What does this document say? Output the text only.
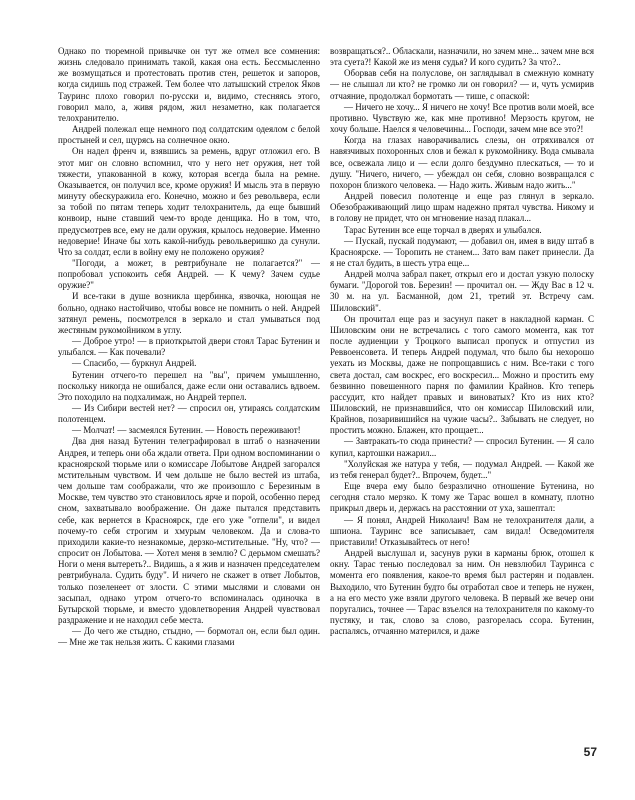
Однако по тюремной привычке он тут же отмел все сомнения: жизнь следовало принимать такой, какая она есть. Бессмысленно же возмущаться и протестовать против стен, решеток и запоров, когда сидишь под стражей. Тем более что латышский стрелок Яков Тауринс плохо говорил по-русски и, видимо, стесняясь этого, говорил мало, а, живя рядом, жил незаметно, как полагается телохранителю.

Андрей полежал еще немного под солдатским одеялом с белой простыней и сел, щурясь на солнечное окно.

Он надел френч и, взявшись за ремень, вдруг отложил его. В этот миг он словно вспомнил, что у него нет оружия, нет той тяжести, упакованной в кожу, которая всегда была на ремне. Оказывается, он получил все, кроме оружия! И мысль эта в первую минуту обескуражила его. Конечно, можно и без револьвера, если за тобой по пятам теперь ходит телохранитель, да еще бывший конвоир, ныне ставший чем-то вроде денщика. Но в том, что, предусмотрев все, ему не дали оружия, крылось недоверие. Именно недоверие! Иначе бы хоть какой-нибудь револьверишко да сунули. Что за солдат, если в войну ему не положено оружия?

"Погоди, а может, в ревтрибунале не полагается?" — попробовал успокоить себя Андрей. — К чему? Зачем судье оружие?"

И все-таки в душе возникла щербинка, язвочка, ноющая не больно, однако настойчиво, чтобы вовсе не помнить о ней. Андрей затянул ремень, посмотрелся в зеркало и стал умываться под жестяным рукомойником в углу.

— Доброе утро! — в приоткрытой двери стоял Тарас Бутенин и улыбался. — Как почевали?

— Спасибо, — буркнул Андрей.

Бутенин отчего-то перешел на "вы", причем умышленно, поскольку никогда не ошибался, даже если они оставались вдвоем. Это походило на подхалимаж, но Андрей терпел.

— Из Сибири вестей нет? — спросил он, утираясь солдатским полотенцем.

— Молчат! — засмеялся Бутенин. — Новость переживают!

Два дня назад Бутенин телеграфировал в штаб о назначении Андрея, и теперь они оба ждали ответа. При одном воспоминании о красноярской тюрьме или о комиссаре Лобытове Андрей загорался мстительным чувством. И чем дольше не было вестей из штаба, чем дольше там соображали, что же произошло с Березиным в Москве, тем чувство это становилось ярче и порой, особенно перед сном, захватывало воображение. Он даже пытался представить себе, как вернется в Красноярск, где его уже "отпели", и видел почему-то себя строгим и хмурым человеком. Да и слова-то приходили какие-то незнакомые, дерзко-мстительные. "Ну, что? — спросит он Лобытова. — Хотел меня в землю? С дерьмом смешать? Ноги о меня вытереть?.. Видишь, а я жив и назначен председателем ревтрибунала. Судить буду". И ничего не скажет в ответ Лобытов, только позеленеет от злости. С этими мыслями и словами он засыпал, однако утром отчего-то вспоминалась одиночка в Бутырской тюрьме, и вместо удовлетворения Андрей чувствовал раздражение и не находил себе места.

— До чего же стыдно, стыдно, — бормотал он, если был один. — Мне же так нельзя жить. С какими глазами

возвращаться?.. Обласкали, назначили, но зачем мне... зачем мне вся эта суета?! Какой же из меня судья? И кого судить? За что?..

Оборвав себя на полуслове, он заглядывал в смежную комнату — не слышал ли кто? не громко ли он говорил? — и, чуть усмирив отчаяние, продолжал бормотать — тише, с опаской:

— Ничего не хочу... Я ничего не хочу! Все против воли моей, все противно. Чувствую же, как мне противно! Мерзость кругом, не хочу больше. Наелся я человечины... Господи, зачем мне все это?!

Когда на глазах наворачивались слезы, он отряхивался от навязчивых похоронных слов и бежал к рукомойнику. Вода смывала все, освежала лицо и — если долго бездумно плескаться, — то и душу. "Ничего, ничего, — убеждал он себя, словно возвращался с похорон близкого человека. — Надо жить. Живым надо жить..."

Андрей повесил полотенце и еще раз глянул в зеркало. Обезображивающий лицо шрам надежно прятал чувства. Никому и в голову не придет, что он мгновение назад плакал...

Тарас Бутенин все еще торчал в дверях и улыбался.

— Пускай, пускай подумают, — добавил он, имея в виду штаб в Красноярске. — Торопить не станем... Зато вам пакет принесли. Да я не стал будить, в шесть утра еще...

Андрей молча забрал пакет, открыл его и достал узкую полоску бумаги. "Дорогой тов. Березин! — прочитал он. — Жду Вас в 12 ч. 30 м. на ул. Басманной, дом 21, третий эт. Встречу сам. Шиловский".

Он прочитал еще раз и засунул пакет в накладной карман. С Шиловским они не встречались с того самого момента, как тот после аудиенции у Троцкого выписал пропуск и отпустил из Реввоенсовета. И теперь Андрей подумал, что было бы нехорошо уехать из Москвы, даже не попрощавшись с ним. Все-таки с того света достал, сам воскрес, его воскресил... Можно и простить ему безвинно повешенного парня по фамилии Крайнов. Кто теперь рассудит, кто найдет правых и виноватых? Кто из них кто? Шиловский, не признавшийся, что он комиссар Шиловский или, Крайнов, позаривишийся на чужие часы?.. Забывать не следует, но простить можно. Блажен, кто прощает...

— Завтракать-то сюда принести? — спросил Бутенин. — Я сало купил, картошки нажарил...

"Холуйская же натура у тебя, — подумал Андрей. — Какой же из тебя генерал будет?.. Впрочем, будет..."

Еще вчера ему было безразлично отношение Бутенина, но сегодня стало мерзко. К тому же Тарас вошел в комнату, плотно прикрыл дверь и, держась на расстоянии от уха, зашептал:

— Я понял, Андрей Николаич! Вам не телохранителя дали, а шпиона. Тауринс все записывает, сам видал! Осведомителя приставили! Отказывайтесь от него!

Андрей выслушал и, засунув руки в карманы брюк, отошел к окну. Тарас тенью последовал за ним. Он невзлюбил Тауринса с момента его появления, какое-то время был растерян и подавлен. Выходило, что Бутенин будто бы отработал свое и теперь не нужен, а на его место уже взяли другого человека. В первый же вечер они поругались, точнее — Тарас взъелся на телохранителя по какому-то пустяку, и так, слово за слово, разгорелась ссора. Бутенин, распалясь, отчаянно матерился, и даже

57
